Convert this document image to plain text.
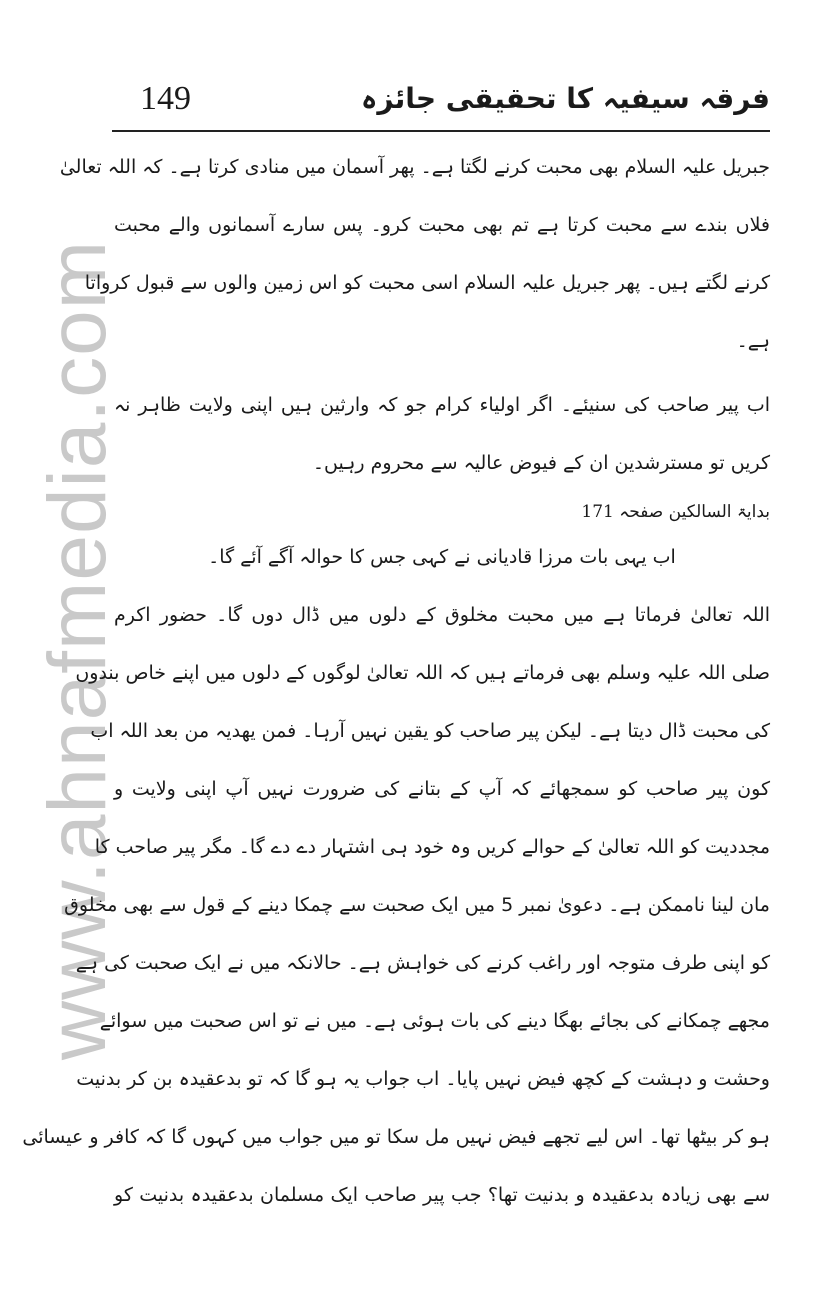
www.ahnafmedia.com
149	فرقہ سیفیہ کا تحقیقی جائزہ
جبریل علیہ السلام بھی محبت کرنے لگتا ہے۔ پھر آسمان میں منادی کرتا ہے۔ کہ اللہ تعالیٰ
فلاں بندے سے محبت کرتا ہے تم بھی محبت کرو۔ پس سارے آسمانوں والے محبت
کرنے لگتے ہیں۔ پھر جبریل علیہ السلام اسی محبت کو اس زمین والوں سے قبول کرواتا
ہے۔
اب پیر صاحب کی سنیئے۔ اگر اولیاء کرام جو کہ وارثین ہیں اپنی ولایت ظاہر نہ
کریں تو مسترشدین ان کے فیوض عالیہ سے محروم رہیں۔
بدایۃ السالکین صفحہ 171
اب یہی بات مرزا قادیانی نے کہی جس کا حوالہ آگے آئے گا۔
اللہ تعالیٰ فرماتا ہے میں محبت مخلوق کے دلوں میں ڈال دوں گا۔ حضور اکرم
صلی اللہ علیہ وسلم بھی فرماتے ہیں کہ اللہ تعالیٰ لوگوں کے دلوں میں اپنے خاص بندوں
کی محبت ڈال دیتا ہے۔ لیکن پیر صاحب کو یقین نہیں آرہا۔ فمن یھدیہ من بعد اللہ اب
کون پیر صاحب کو سمجھائے کہ آپ کے بتانے کی ضرورت نہیں آپ اپنی ولایت و
مجددیت کو اللہ تعالیٰ کے حوالے کریں وہ خود ہی اشتہار دے دے گا۔ مگر پیر صاحب کا
مان لینا ناممکن ہے۔ دعویٰ نمبر 5 میں ایک صحبت سے چمکا دینے کے قول سے بھی مخلوق
کو اپنی طرف متوجہ اور راغب کرنے کی خواہش ہے۔ حالانکہ میں نے ایک صحبت کی ہے
مجھے چمکانے کی بجائے بھگا دینے کی بات ہوئی ہے۔ میں نے تو اس صحبت میں سوائے
وحشت و دہشت کے کچھ فیض نہیں پایا۔ اب جواب یہ ہو گا کہ تو بدعقیدہ بن کر بدنیت
ہو کر بیٹھا تھا۔ اس لیے تجھے فیض نہیں مل سکا تو میں جواب میں کہوں گا کہ کافر و عیسائی
سے بھی زیادہ بدعقیدہ و بدنیت تھا؟ جب پیر صاحب ایک مسلمان بدعقیدہ بدنیت کو
